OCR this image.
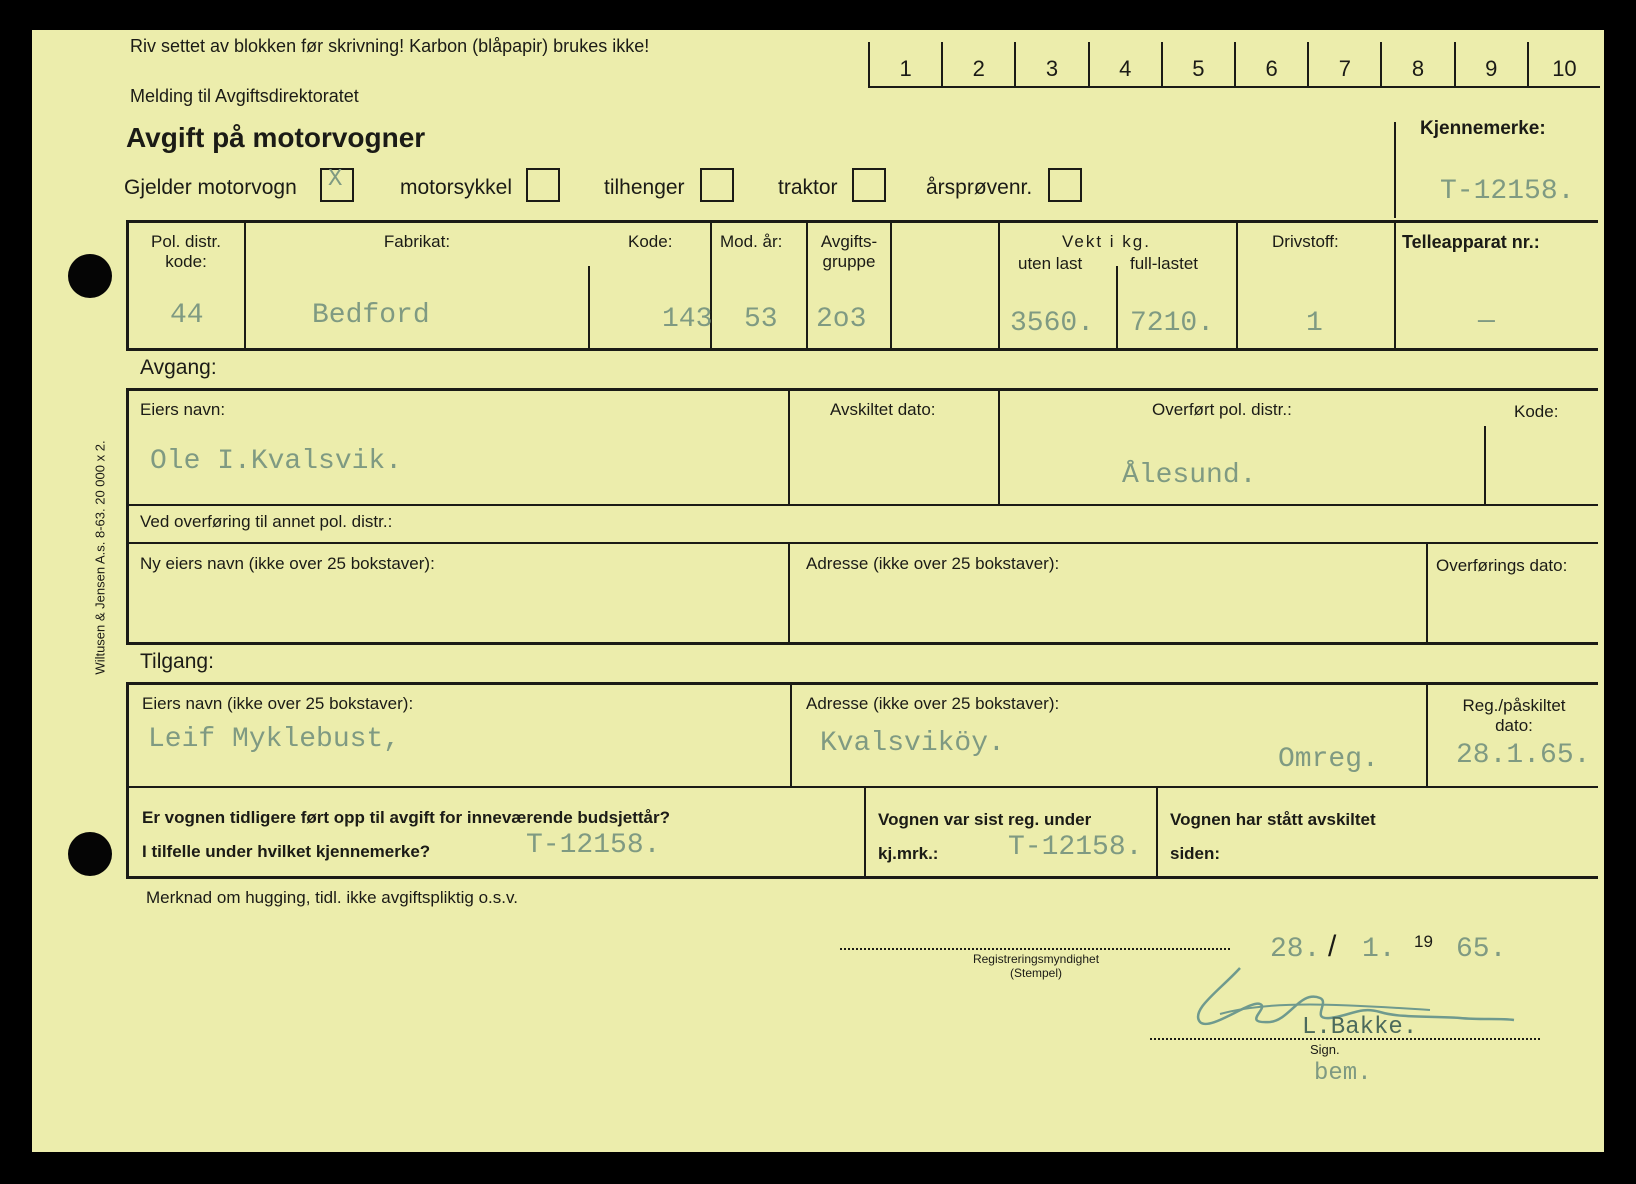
Wiltusen & Jensen A.s. 8-63. 20 000 x 2.
Riv settet av blokken før skrivning! Karbon (blåpapir) brukes ikke!
Melding til Avgiftsdirektoratet
Avgift på motorvogner
1	2	3	4	5	6	7	8	9	10
Kjennemerke:
T-12158.
Gjelder motorvogn X	motorsykkel	tilhenger	traktor	årsprøvenr.
Pol. distr.
kode:
44
Fabrikat:
Bedford
Kode:
143
Mod. år:
53
Avgifts-
gruppe
2o3
Vekt i kg.
uten last
3560.
full-lastet
7210.
Drivstoff:
1
Telleapparat nr.:
—
Avgang:
Eiers navn:
Ole I.Kvalsvik.
Avskiltet dato:	Overført pol. distr.:
Ålesund.
Kode:
Ved overføring til annet pol. distr.:
Ny eiers navn (ikke over 25 bokstaver):	Adresse (ikke over 25 bokstaver):	Overførings dato:
Tilgang:
Eiers navn (ikke over 25 bokstaver):
Leif Myklebust,
Adresse (ikke over 25 bokstaver):
Kvalsviköy.
Omreg.
Reg./påskiltet
dato:
28.1.65.
Er vognen tidligere ført opp til avgift for inneværende budsjettår?
I tilfelle under hvilket kjennemerke?	T-12158.
Vognen var sist reg. under
kj.mrk.: T-12158.
Vognen har stått avskiltet
siden:
Merknad om hugging, tidl. ikke avgiftspliktig o.s.v.
Registreringsmyndighet
(Stempel)
28. / 1. 19 65.
L.Bakke.
Sign.
bem.
